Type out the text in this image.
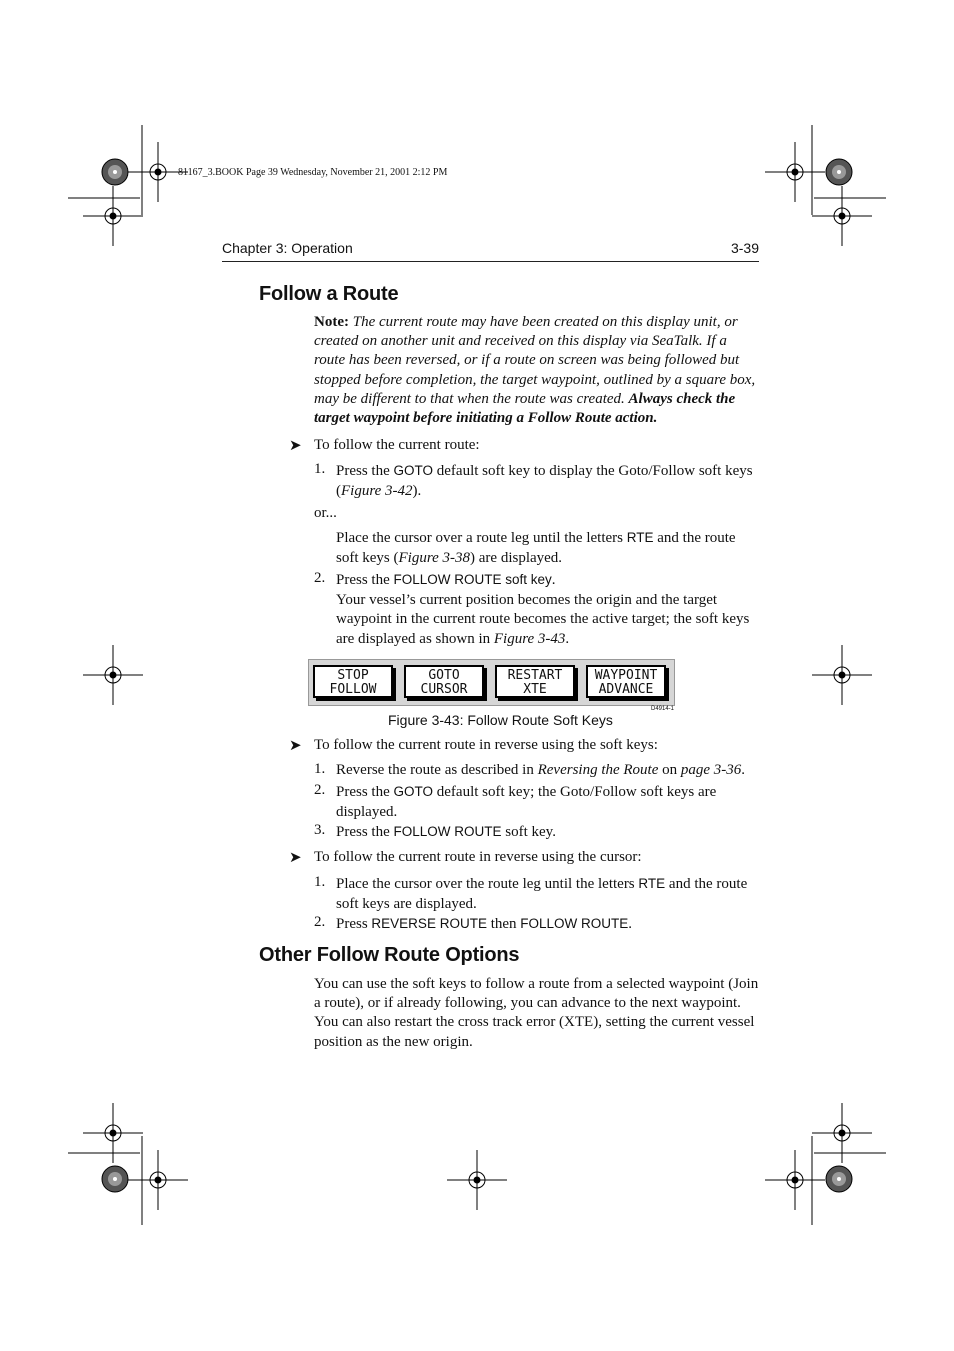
81167_3.BOOK Page 39 Wednesday, November 21, 2001 2:12 PM
Chapter 3: Operation	3-39
Follow a Route
Note: The current route may have been created on this display unit, or created on another unit and received on this display via SeaTalk. If a route has been reversed, or if a route on screen was being followed but stopped before completion, the target waypoint, outlined by a square box, may be different to that when the route was created. Always check the target waypoint before initiating a Follow Route action.
➤ To follow the current route:
1. Press the GOTO default soft key to display the Goto/Follow soft keys (Figure 3-42).
or...
Place the cursor over a route leg until the letters RTE and the route soft keys (Figure 3-38) are displayed.
2. Press the FOLLOW ROUTE soft key.
Your vessel’s current position becomes the origin and the target waypoint in the current route becomes the active target; the soft keys are displayed as shown in Figure 3-43.
STOP
FOLLOW
GOTO
CURSOR
RESTART
XTE
WAYPOINT
ADVANCE
D4914-1
Figure 3-43: Follow Route Soft Keys
➤ To follow the current route in reverse using the soft keys:
1. Reverse the route as described in Reversing the Route on page 3-36.
2. Press the GOTO default soft key; the Goto/Follow soft keys are displayed.
3. Press the FOLLOW ROUTE soft key.
➤ To follow the current route in reverse using the cursor:
1. Place the cursor over the route leg until the letters RTE and the route soft keys are displayed.
2. Press REVERSE ROUTE then FOLLOW ROUTE.
Other Follow Route Options
You can use the soft keys to follow a route from a selected waypoint (Join a route), or if already following, you can advance to the next waypoint. You can also restart the cross track error (XTE), setting the current vessel position as the new origin.
